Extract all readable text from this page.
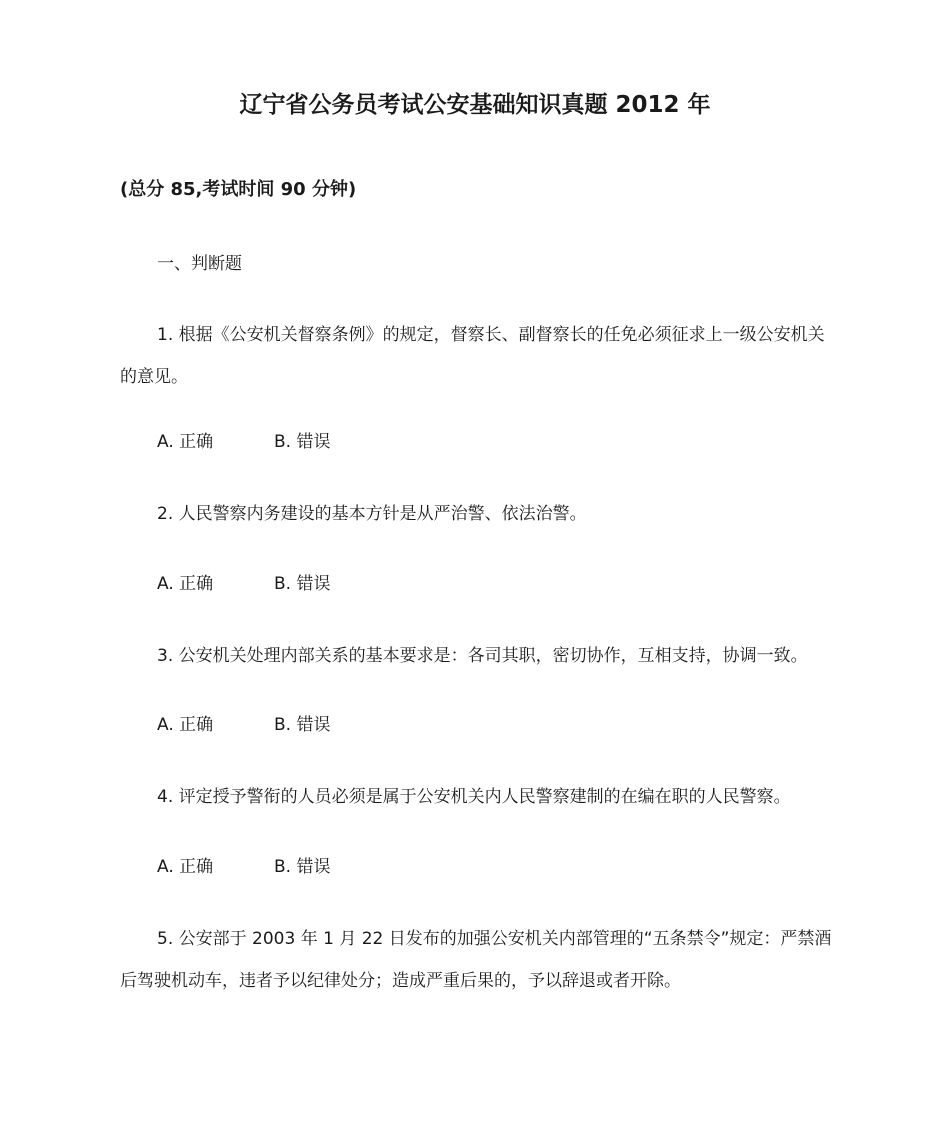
辽宁省公务员考试公安基础知识真题 2012 年

(总分 85,考试时间 90 分钟)

一、判断题

1. 根据《公安机关督察条例》的规定，督察长、副督察长的任免必须征求上一级公安机关的意见。

A. 正确	B. 错误

2. 人民警察内务建设的基本方针是从严治警、依法治警。

A. 正确	B. 错误

3. 公安机关处理内部关系的基本要求是：各司其职，密切协作，互相支持，协调一致。

A. 正确	B. 错误

4. 评定授予警衔的人员必须是属于公安机关内人民警察建制的在编在职的人民警察。

A. 正确	B. 错误

5. 公安部于 2003 年 1 月 22 日发布的加强公安机关内部管理的“五条禁令”规定：严禁酒后驾驶机动车，违者予以纪律处分；造成严重后果的，予以辞退或者开除。
